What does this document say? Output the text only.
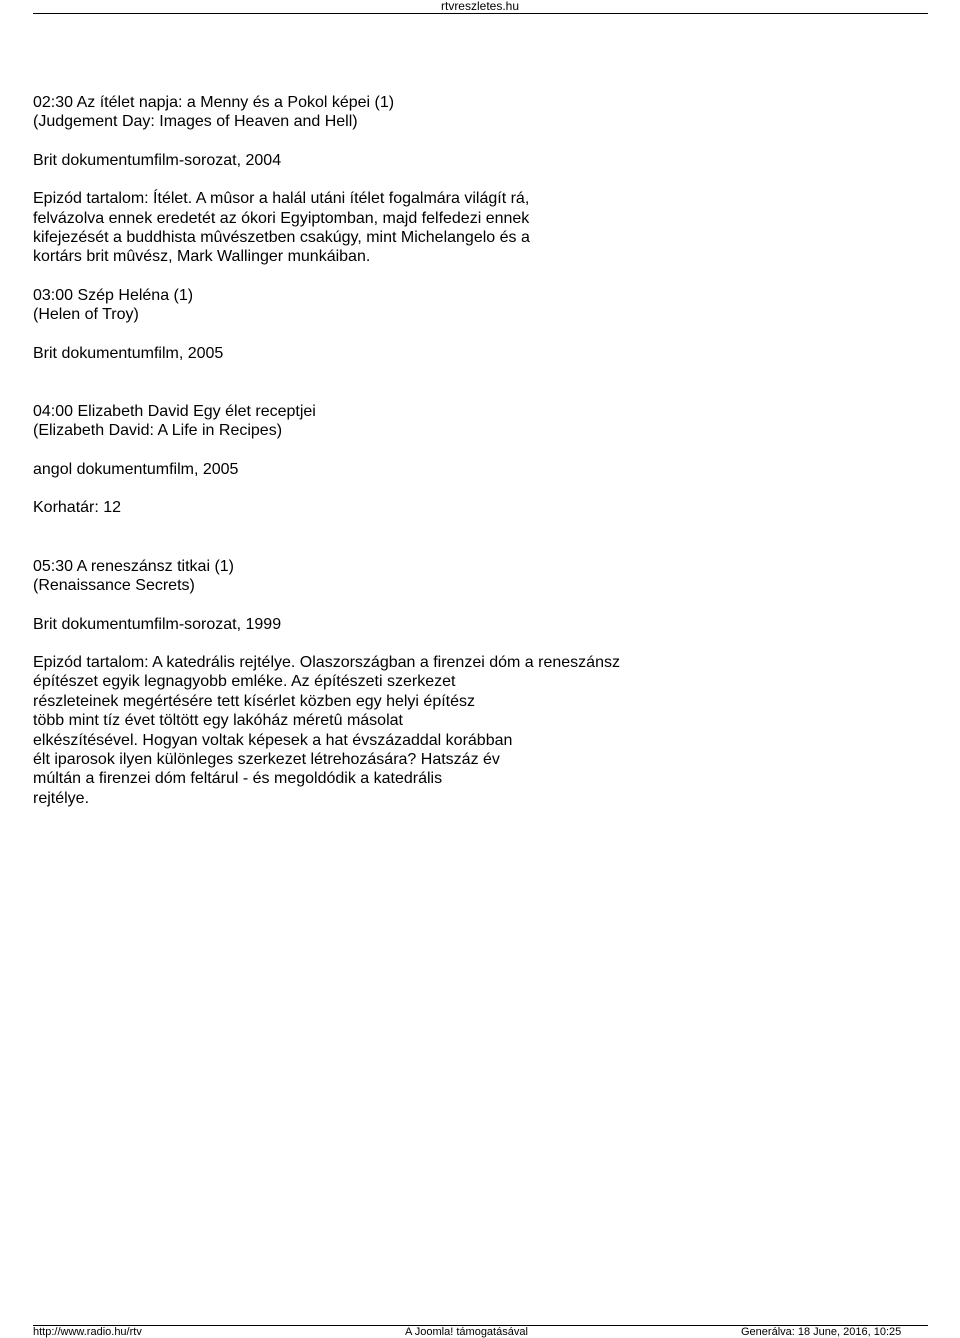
rtvreszletes.hu

02:30 Az ítélet napja: a Menny és a Pokol képei (1)

(Judgement Day: Images of Heaven and Hell)

Brit dokumentumfilm-sorozat, 2004

Epizód tartalom: Ítélet. A mûsor a halál utáni ítélet fogalmára világít rá,
felvázolva ennek eredetét az ókori Egyiptomban, majd felfedezi ennek
kifejezését a buddhista mûvészetben csakúgy, mint Michelangelo és a
kortárs brit mûvész, Mark Wallinger munkáiban.

03:00 Szép Heléna (1)

(Helen of Troy)

Brit dokumentumfilm, 2005

04:00 Elizabeth David Egy élet receptjei

(Elizabeth David: A Life in Recipes)

angol dokumentumfilm, 2005

Korhatár: 12

05:30 A reneszánsz titkai (1)

(Renaissance Secrets)

Brit dokumentumfilm-sorozat, 1999

Epizód tartalom: A katedrális rejtélye. Olaszországban a firenzei dóm a reneszánsz
építészet egyik legnagyobb emléke. Az építészeti szerkezet
részleteinek megértésére tett kísérlet közben egy helyi építész
több mint tíz évet töltött egy lakóház méretû másolat
elkészítésével. Hogyan voltak képesek a hat évszázaddal korábban
élt iparosok ilyen különleges szerkezet létrehozására? Hatszáz év
múltán a firenzei dóm feltárul - és megoldódik a katedrális
rejtélye.

http://www.radio.hu/rtv	A Joomla! támogatásával	Generálva: 18 June, 2016, 10:25
